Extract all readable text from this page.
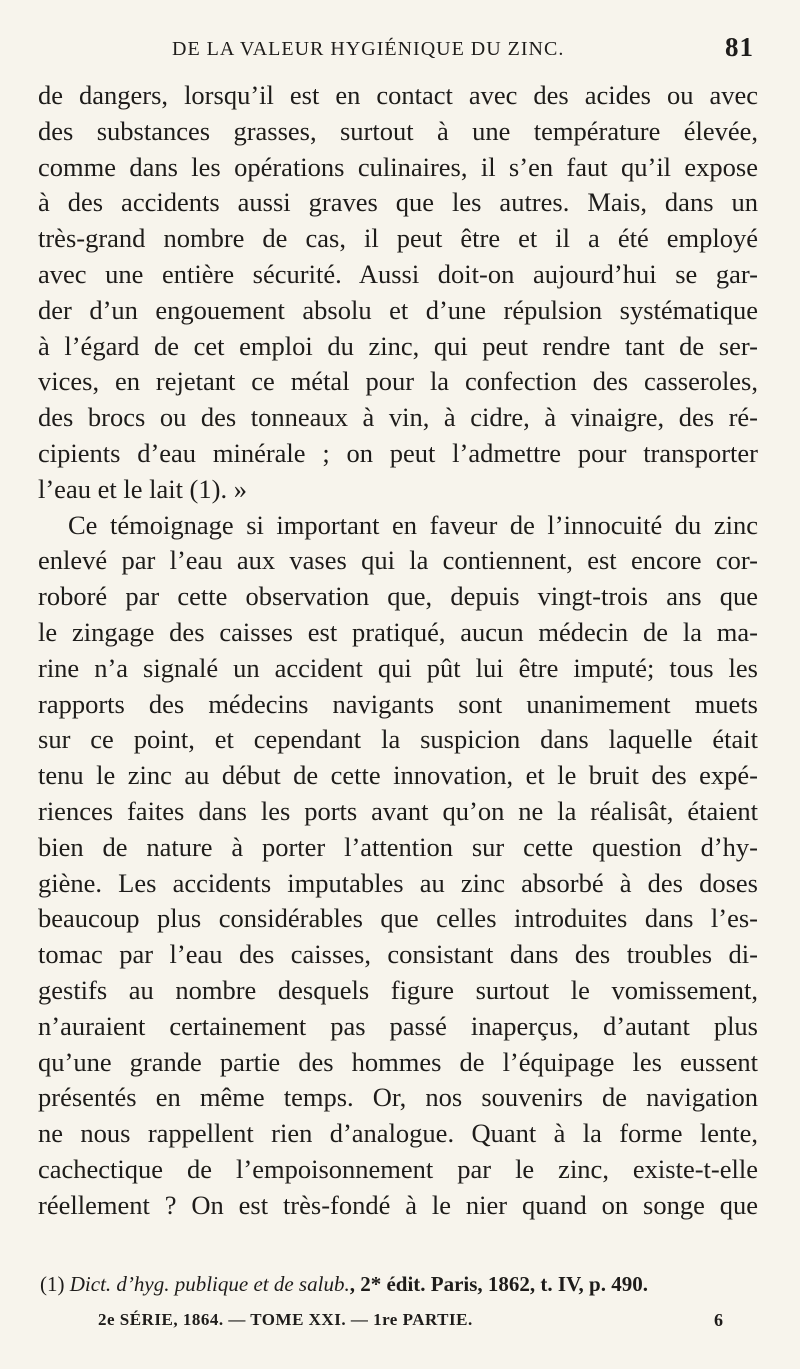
DE LA VALEUR HYGIÉNIQUE DU ZINC.	81
de dangers, lorsqu’il est en contact avec des acides ou avec
des substances grasses, surtout à une température élevée,
comme dans les opérations culinaires, il s’en faut qu’il expose
à des accidents aussi graves que les autres. Mais, dans un
très-grand nombre de cas, il peut être et il a été employé
avec une entière sécurité. Aussi doit-on aujourd’hui se gar-
der d’un engouement absolu et d’une répulsion systématique
à l’égard de cet emploi du zinc, qui peut rendre tant de ser-
vices, en rejetant ce métal pour la confection des casseroles,
des brocs ou des tonneaux à vin, à cidre, à vinaigre, des ré-
cipients d’eau minérale ; on peut l’admettre pour transporter
l’eau et le lait (1). »
Ce témoignage si important en faveur de l’innocuité du zinc
enlevé par l’eau aux vases qui la contiennent, est encore cor-
roboré par cette observation que, depuis vingt-trois ans que
le zingage des caisses est pratiqué, aucun médecin de la ma-
rine n’a signalé un accident qui pût lui être imputé; tous les
rapports des médecins navigants sont unanimement muets
sur ce point, et cependant la suspicion dans laquelle était
tenu le zinc au début de cette innovation, et le bruit des expé-
riences faites dans les ports avant qu’on ne la réalisât, étaient
bien de nature à porter l’attention sur cette question d’hy-
giène. Les accidents imputables au zinc absorbé à des doses
beaucoup plus considérables que celles introduites dans l’es-
tomac par l’eau des caisses, consistant dans des troubles di-
gestifs au nombre desquels figure surtout le vomissement,
n’auraient certainement pas passé inaperçus, d’autant plus
qu’une grande partie des hommes de l’équipage les eussent
présentés en même temps. Or, nos souvenirs de navigation
ne nous rappellent rien d’analogue. Quant à la forme lente,
cachectique de l’empoisonnement par le zinc, existe-t-elle
réellement ? On est très-fondé à le nier quand on songe que
(1) Dict. d’hyg. publique et de salub., 2* édit. Paris, 1862, t. IV, p. 490.
2e SÉRIE, 1864. — TOME XXI. — 1re PARTIE.	6
